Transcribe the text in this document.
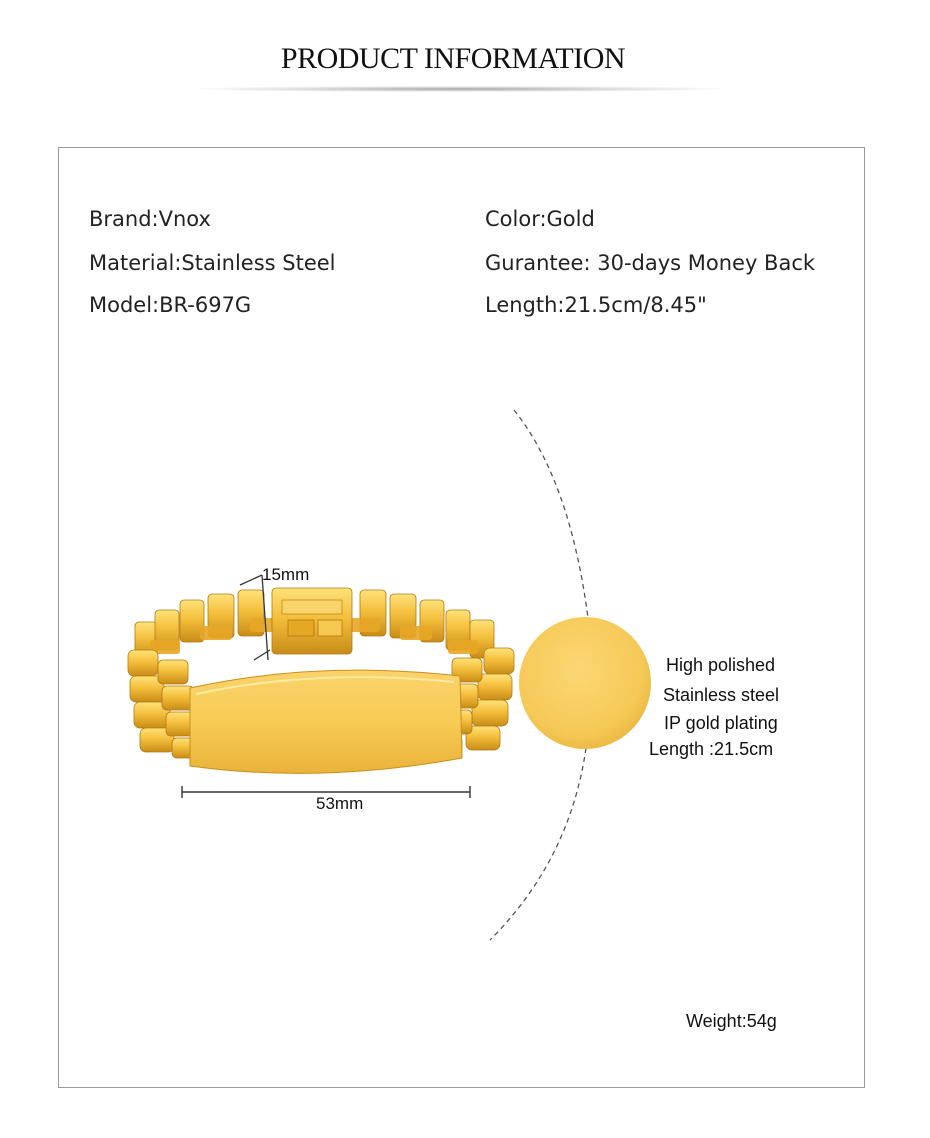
PRODUCT INFORMATION
Brand:Vnox
Material:Stainless Steel
Model:BR-697G
Color:Gold
Gurantee: 30-days Money Back
Length:21.5cm/8.45"
15mm
53mm
High polished
Stainless steel
IP gold plating
Length :21.5cm
Weight:54g
